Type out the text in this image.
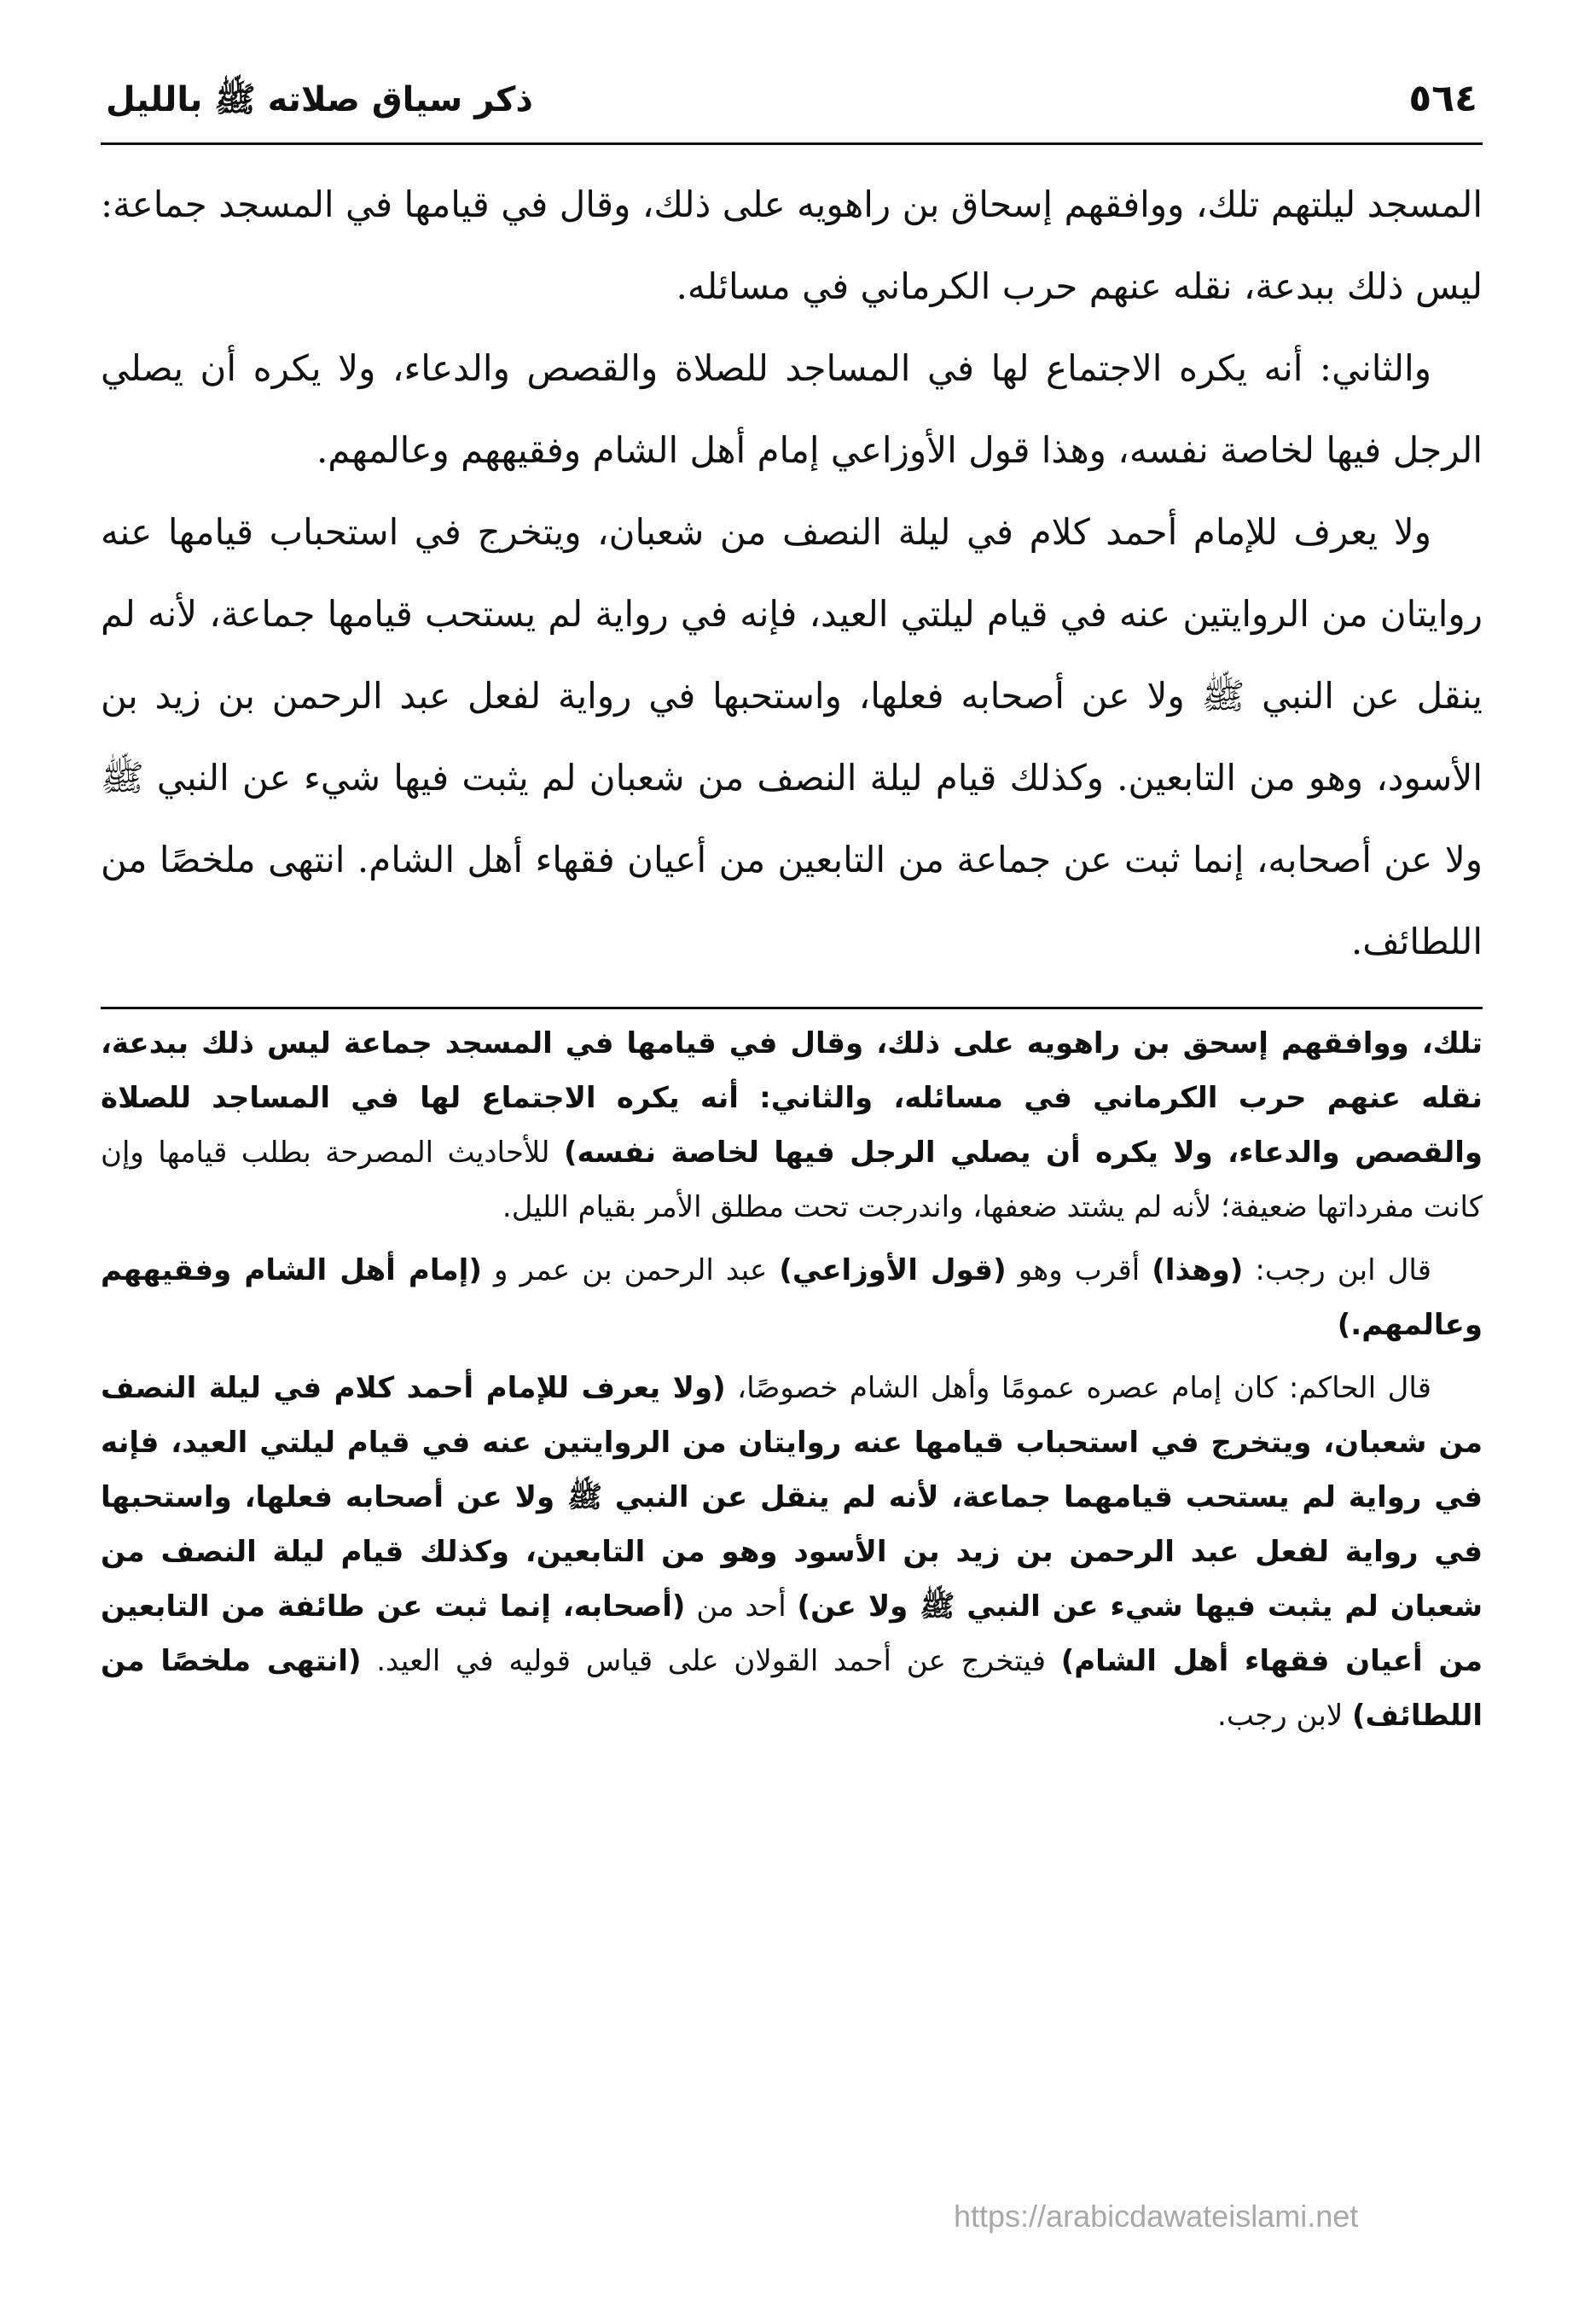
٥٦٤
ذكر سياق صلاته ﷺ بالليل

المسجد ليلتهم تلك، ووافقهم إسحاق بن راهويه على ذلك، وقال في قيامها في المسجد جماعة: ليس ذلك ببدعة، نقله عنهم حرب الكرماني في مسائله.

والثاني: أنه يكره الاجتماع لها في المساجد للصلاة والقصص والدعاء، ولا يكره أن يصلي الرجل فيها لخاصة نفسه، وهذا قول الأوزاعي إمام أهل الشام وفقيههم وعالمهم.

ولا يعرف للإمام أحمد كلام في ليلة النصف من شعبان، ويتخرج في استحباب قيامها عنه روايتان من الروايتين عنه في قيام ليلتي العيد، فإنه في رواية لم يستحب قيامها جماعة، لأنه لم ينقل عن النبي ﷺ ولا عن أصحابه فعلها، واستحبها في رواية لفعل عبد الرحمن بن زيد بن الأسود، وهو من التابعين. وكذلك قيام ليلة النصف من شعبان لم يثبت فيها شيء عن النبي ﷺ ولا عن أصحابه، إنما ثبت عن جماعة من التابعين من أعيان فقهاء أهل الشام. انتهى ملخصًا من اللطائف.

تلك، ووافقهم إسحق بن راهويه على ذلك، وقال في قيامها في المسجد جماعة ليس ذلك ببدعة، نقله عنهم حرب الكرماني في مسائله، والثاني: أنه يكره الاجتماع لها في المساجد للصلاة والقصص والدعاء، ولا يكره أن يصلي الرجل فيها لخاصة نفسه) للأحاديث المصرحة بطلب قيامها وإن كانت مفرداتها ضعيفة؛ لأنه لم يشتد ضعفها، واندرجت تحت مطلق الأمر بقيام الليل.

قال ابن رجب: (وهذا) أقرب وهو (قول الأوزاعي) عبد الرحمن بن عمر و (إمام أهل الشام وفقيههم وعالمهم.)

قال الحاكم: كان إمام عصره عمومًا وأهل الشام خصوصًا، (ولا يعرف للإمام أحمد كلام في ليلة النصف من شعبان، ويتخرج في استحباب قيامها عنه روايتان من الروايتين عنه في قيام ليلتي العيد، فإنه في رواية لم يستحب قيامهما جماعة، لأنه لم ينقل عن النبي ﷺ ولا عن أصحابه فعلها، واستحبها في رواية لفعل عبد الرحمن بن زيد بن الأسود وهو من التابعين، وكذلك قيام ليلة النصف من شعبان لم يثبت فيها شيء عن النبي ﷺ ولا عن) أحد من (أصحابه، إنما ثبت عن طائفة من التابعين من أعيان فقهاء أهل الشام) فيتخرج عن أحمد القولان على قياس قوليه في العيد. (انتهى ملخصًا من اللطائف) لابن رجب.

https://arabicdawateislami.net
